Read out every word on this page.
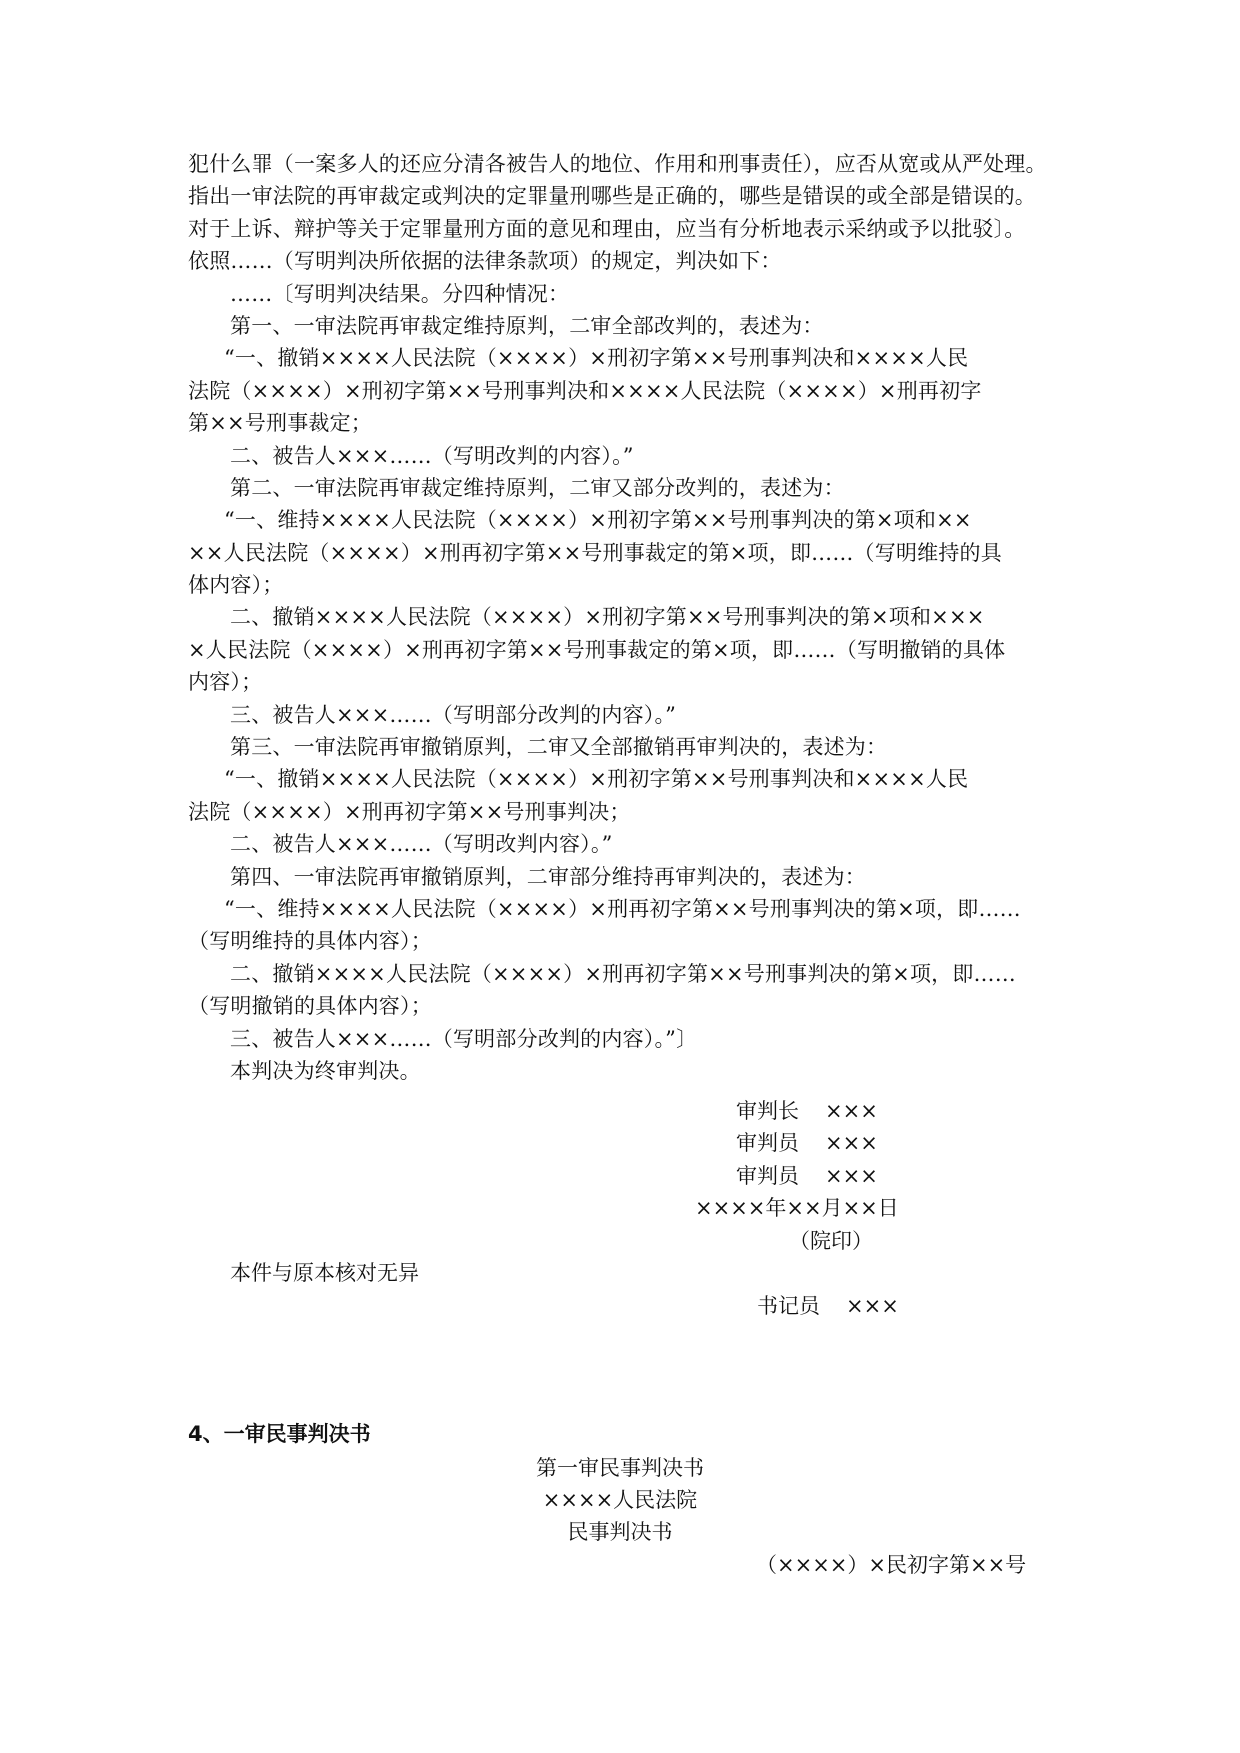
犯什么罪（一案多人的还应分清各被告人的地位、作用和刑事责任），应否从宽或从严处理。
指出一审法院的再审裁定或判决的定罪量刑哪些是正确的，哪些是错误的或全部是错误的。
对于上诉、辩护等关于定罪量刑方面的意见和理由，应当有分析地表示采纳或予以批驳〕。
依照……（写明判决所依据的法律条款项）的规定，判决如下：
……〔写明判决结果。分四种情况：
第一、一审法院再审裁定维持原判，二审全部改判的，表述为：
“一、撤销××××人民法院（××××）×刑初字第××号刑事判决和××××人民
法院（××××）×刑初字第××号刑事判决和××××人民法院（××××）×刑再初字
第××号刑事裁定；
二、被告人×××……（写明改判的内容）。”
第二、一审法院再审裁定维持原判，二审又部分改判的，表述为：
“一、维持××××人民法院（××××）×刑初字第××号刑事判决的第×项和××
××人民法院（××××）×刑再初字第××号刑事裁定的第×项，即……（写明维持的具
体内容）；
二、撤销××××人民法院（××××）×刑初字第××号刑事判决的第×项和×××
×人民法院（××××）×刑再初字第××号刑事裁定的第×项，即……（写明撤销的具体
内容）；
三、被告人×××……（写明部分改判的内容）。”
第三、一审法院再审撤销原判，二审又全部撤销再审判决的，表述为：
“一、撤销××××人民法院（××××）×刑初字第××号刑事判决和××××人民
法院（××××）×刑再初字第××号刑事判决；
二、被告人×××……（写明改判内容）。”
第四、一审法院再审撤销原判，二审部分维持再审判决的，表述为：
“一、维持××××人民法院（××××）×刑再初字第××号刑事判决的第×项，即……
（写明维持的具体内容）；
二、撤销××××人民法院（××××）×刑再初字第××号刑事判决的第×项，即……
（写明撤销的具体内容）；
三、被告人×××……（写明部分改判的内容）。”〕
本判决为终审判决。
审判长 ×××
审判员 ×××
审判员 ×××
××××年××月××日
（院印）
本件与原本核对无异
书记员 ×××
4、一审民事判决书
第一审民事判决书
××××人民法院
民事判决书
（××××）×民初字第××号
